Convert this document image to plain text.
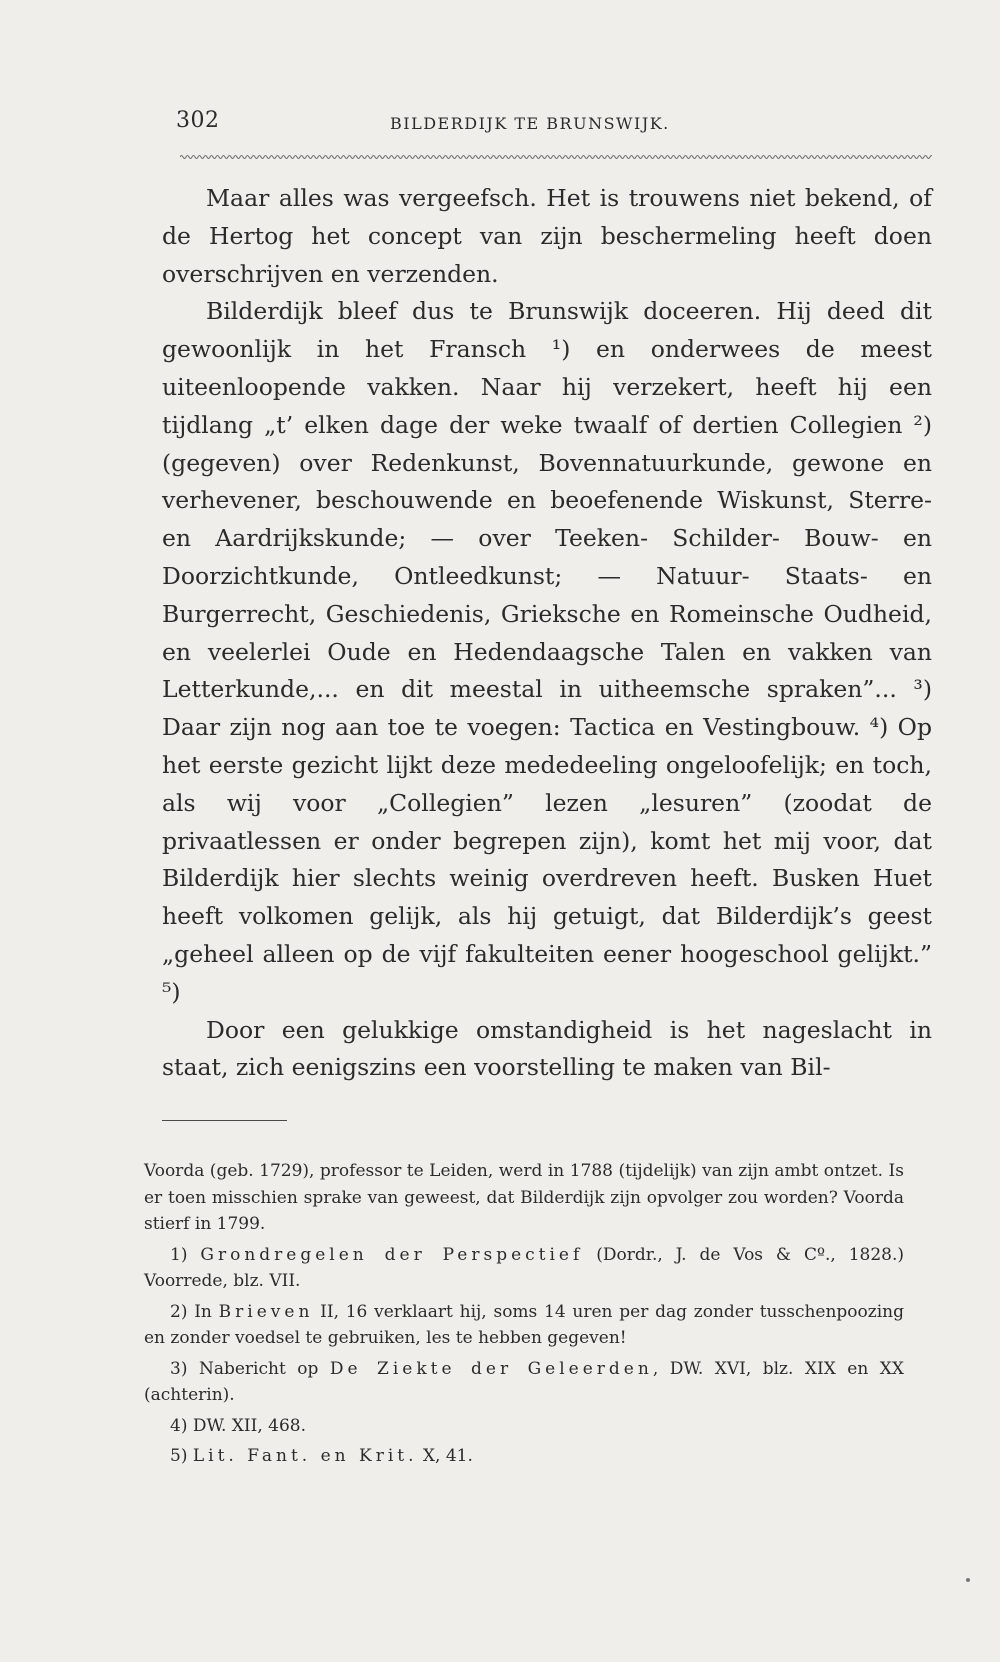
302	BILDERDIJK TE BRUNSWIJK.

Maar alles was vergeefsch. Het is trouwens niet bekend, of de Hertog het concept van zijn beschermeling heeft doen overschrijven en verzenden.

Bilderdijk bleef dus te Brunswijk doceeren. Hij deed dit gewoonlijk in het Fransch ¹) en onderwees de meest uiteenloopende vakken. Naar hij verzekert, heeft hij een tijdlang „t’ elken dage der weke twaalf of dertien Collegien ²) (gegeven) over Redenkunst, Bovennatuurkunde, gewone en verhevener, beschouwende en beoefenende Wiskunst, Sterre- en Aardrijkskunde; — over Teeken- Schilder- Bouw- en Doorzichtkunde, Ontleedkunst; — Natuur- Staats- en Burgerrecht, Geschiedenis, Grieksche en Romeinsche Oudheid, en veelerlei Oude en Hedendaagsche Talen en vakken van Letterkunde,... en dit meestal in uitheemsche spraken”... ³) Daar zijn nog aan toe te voegen: Tactica en Vestingbouw. ⁴) Op het eerste gezicht lijkt deze mededeeling ongeloofelijk; en toch, als wij voor „Collegien” lezen „lesuren” (zoodat de privaatlessen er onder begrepen zijn), komt het mij voor, dat Bilderdijk hier slechts weinig overdreven heeft. Busken Huet heeft volkomen gelijk, als hij getuigt, dat Bilderdijk’s geest „geheel alleen op de vijf fakulteiten eener hoogeschool gelijkt.” ⁵)

Door een gelukkige omstandigheid is het nageslacht in staat, zich eenigszins een voorstelling te maken van Bil-

Voorda (geb. 1729), professor te Leiden, werd in 1788 (tijdelijk) van zijn ambt ontzet. Is er toen misschien sprake van geweest, dat Bilderdijk zijn opvolger zou worden? Voorda stierf in 1799.

1) Grondregelen der Perspectief (Dordr., J. de Vos & Cº., 1828.) Voorrede, blz. VII.

2) In Brieven II, 16 verklaart hij, soms 14 uren per dag zonder tusschenpoozing en zonder voedsel te gebruiken, les te hebben gegeven!

3) Nabericht op De Ziekte der Geleerden, DW. XVI, blz. XIX en XX (achterin).

4) DW. XII, 468.

5) Lit. Fant. en Krit. X, 41.
